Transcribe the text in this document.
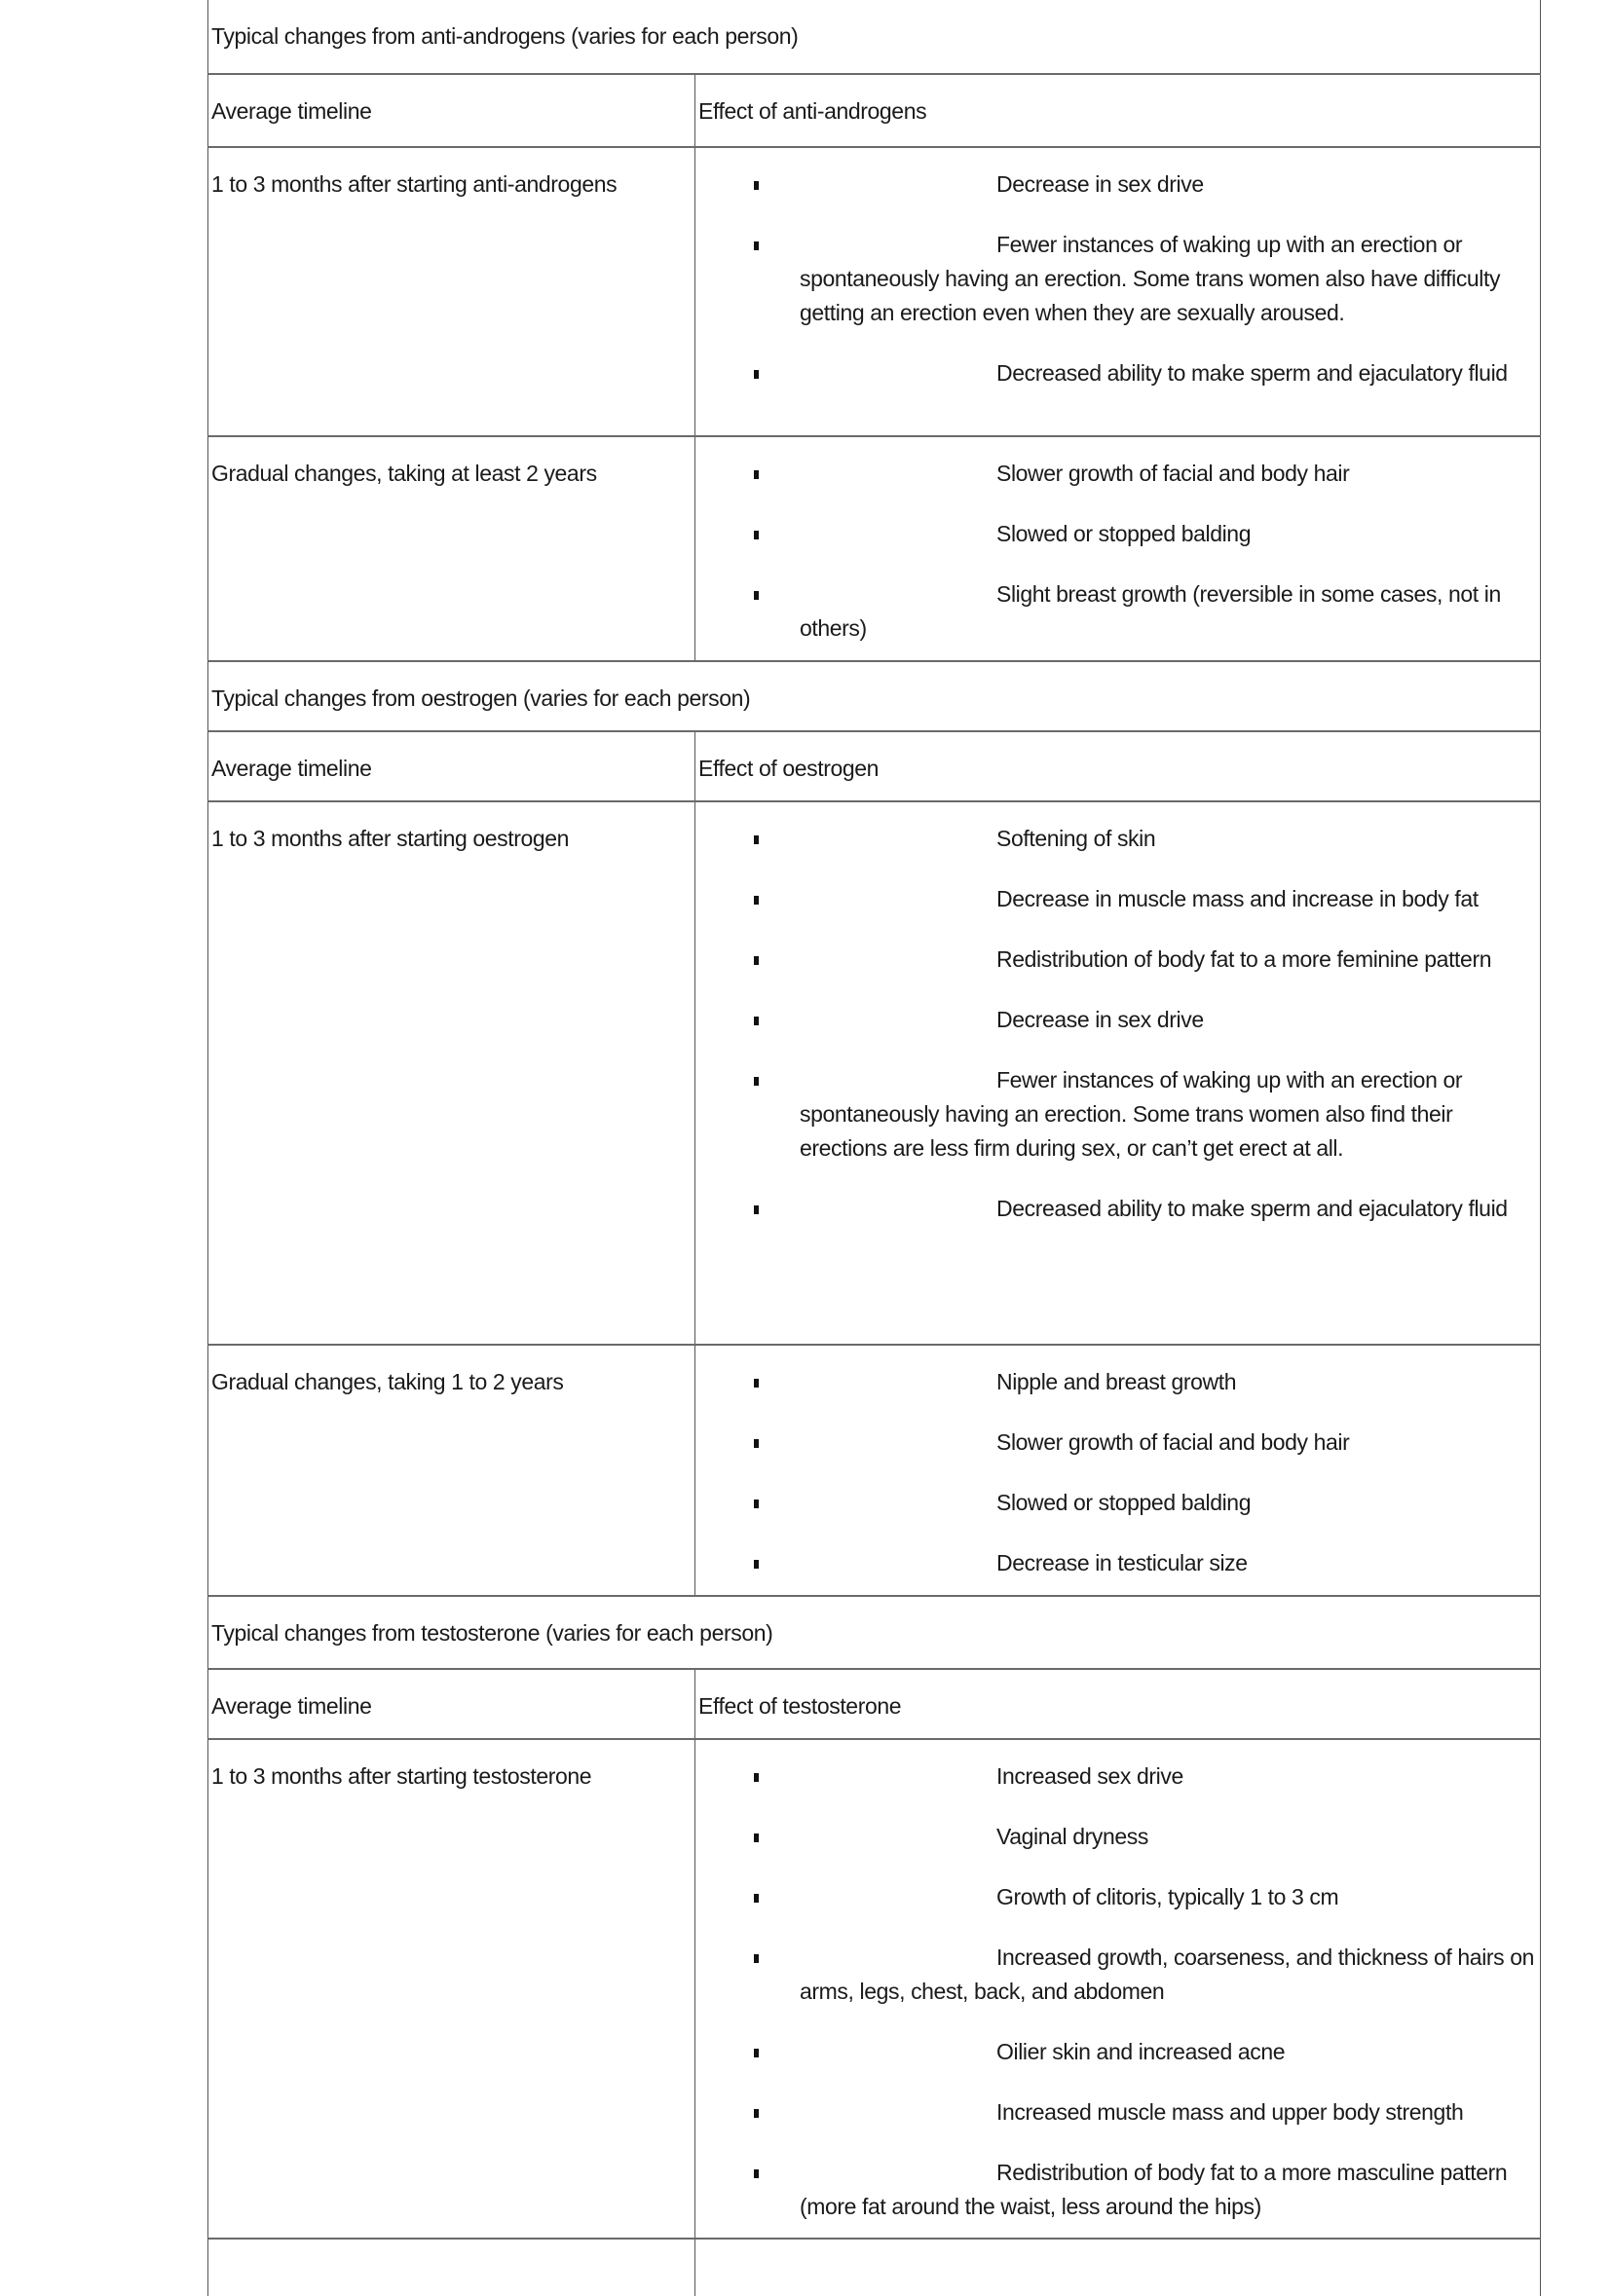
Typical changes from anti-androgens (varies for each person)
Average timeline	Effect of anti-androgens
1 to 3 months after starting anti-androgens	Decrease in sex drive
Fewer instances of waking up with an erection or spontaneously having an erection. Some trans women also have difficulty getting an erection even when they are sexually aroused.
Decreased ability to make sperm and ejaculatory fluid
Gradual changes, taking at least 2 years	Slower growth of facial and body hair
Slowed or stopped balding
Slight breast growth (reversible in some cases, not in others)
Typical changes from oestrogen (varies for each person)
Average timeline	Effect of oestrogen
1 to 3 months after starting oestrogen	Softening of skin
Decrease in muscle mass and increase in body fat
Redistribution of body fat to a more feminine pattern
Decrease in sex drive
Fewer instances of waking up with an erection or spontaneously having an erection. Some trans women also find their erections are less firm during sex, or can’t get erect at all.
Decreased ability to make sperm and ejaculatory fluid
Gradual changes, taking 1 to 2 years	Nipple and breast growth
Slower growth of facial and body hair
Slowed or stopped balding
Decrease in testicular size
Typical changes from testosterone (varies for each person)
Average timeline	Effect of testosterone
1 to 3 months after starting testosterone	Increased sex drive
Vaginal dryness
Growth of clitoris, typically 1 to 3 cm
Increased growth, coarseness, and thickness of hairs on arms, legs, chest, back, and abdomen
Oilier skin and increased acne
Increased muscle mass and upper body strength
Redistribution of body fat to a more masculine pattern (more fat around the waist, less around the hips)
